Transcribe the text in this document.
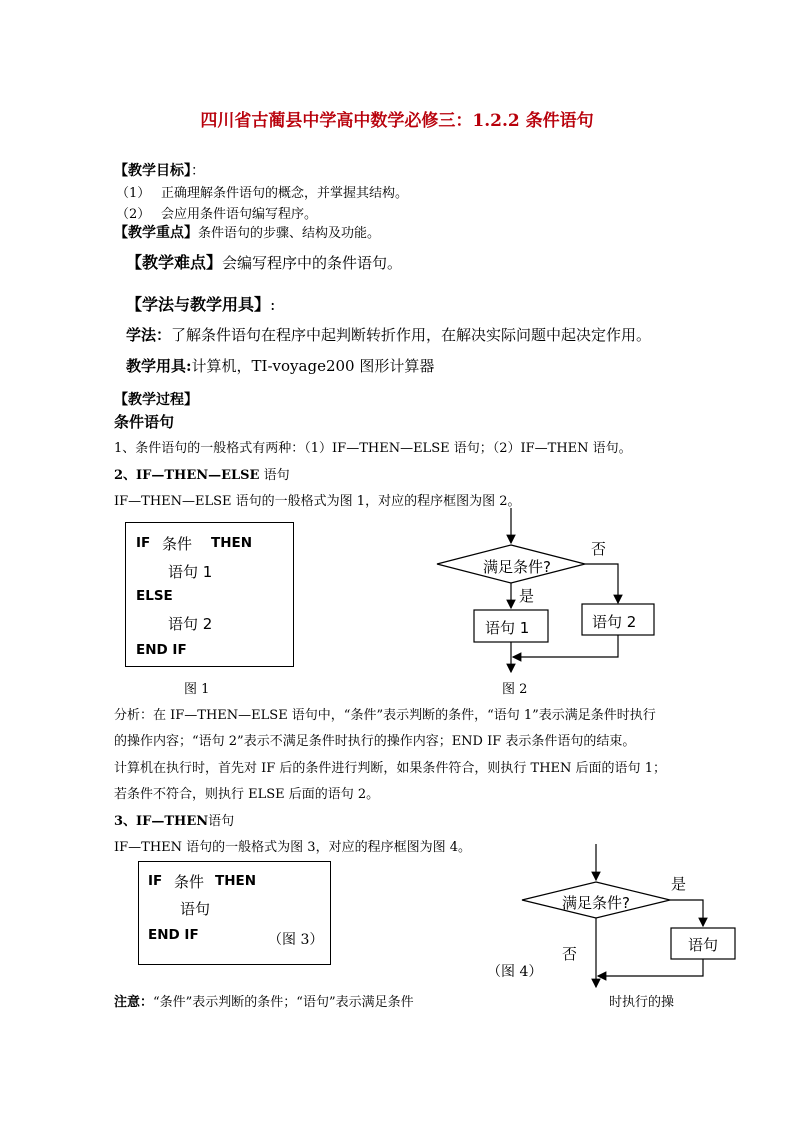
四川省古蔺县中学高中数学必修三：1.2.2 条件语句
【教学目标】：
（1） 正确理解条件语句的概念，并掌握其结构。
（2） 会应用条件语句编写程序。
【教学重点】条件语句的步骤、结构及功能。
【教学难点】会编写程序中的条件语句。
【学法与教学用具】:
学法：了解条件语句在程序中起判断转折作用，在解决实际问题中起决定作用。
教学用具:计算机，TI-voyage200 图形计算器
【教学过程】
条件语句
1、条件语句的一般格式有两种：（1）IF—THEN—ELSE 语句；（2）IF—THEN 语句。
2、IF—THEN—ELSE 语句
IF—THEN—ELSE 语句的一般格式为图 1，对应的程序框图为图 2。
IF 条件 THEN
语句 1
ELSE
语句 2
END IF
图 1
满足条件?
否
是
语句 1	语句 2
图 2
分析：在 IF—THEN—ELSE 语句中，“条件”表示判断的条件，“语句 1”表示满足条件时执行
的操作内容；“语句 2”表示不满足条件时执行的操作内容；END IF 表示条件语句的结束。
计算机在执行时，首先对 IF 后的条件进行判断，如果条件符合，则执行 THEN 后面的语句 1；
若条件不符合，则执行 ELSE 后面的语句 2。
3、IF—THEN语句
IF—THEN 语句的一般格式为图 3，对应的程序框图为图 4。
IF 条件 THEN
语句
END IF	（图 3）
满足条件?
是
否	语句
（图 4）
注意：“条件”表示判断的条件；“语句”表示满足条件	时执行的操
